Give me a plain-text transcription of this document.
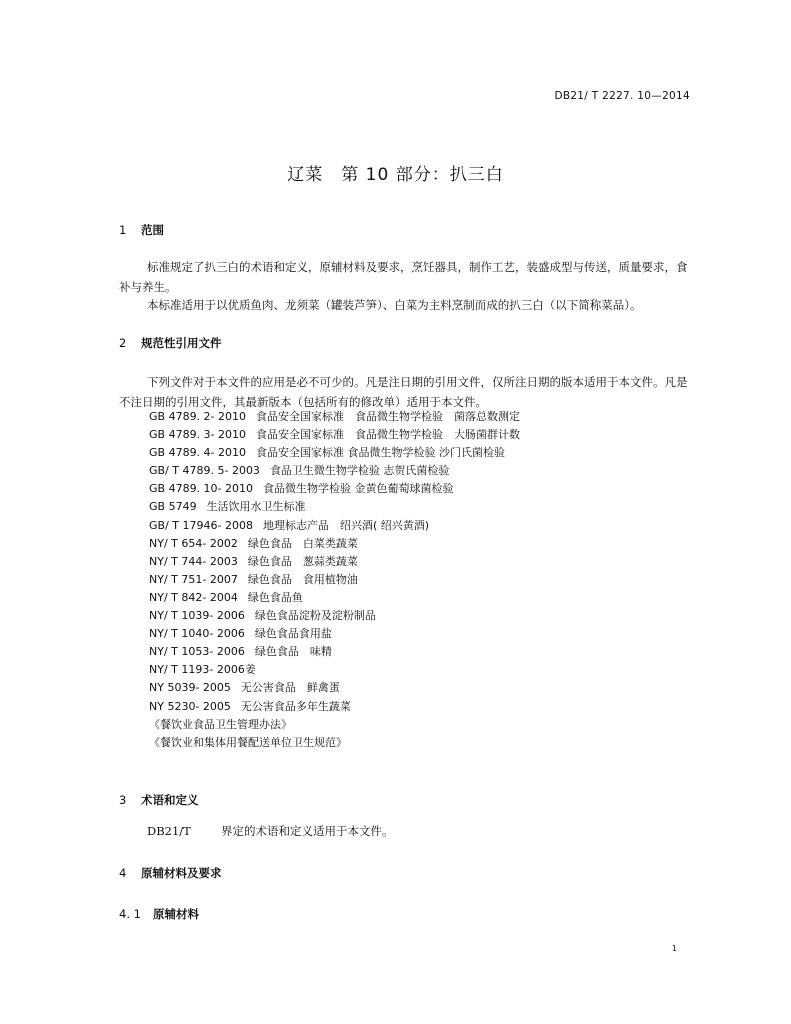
DB21/ T 2227. 10—2014
辽菜　第 10 部分：扒三白
1 范围
标准规定了扒三白的术语和定义，原辅材料及要求，烹饪器具，制作工艺，装盛成型与传送，质量要求，食补与养生。
本标准适用于以优质鱼肉、龙须菜（罐装芦笋）、白菜为主料烹制而成的扒三白（以下简称菜品）。
2 规范性引用文件
下列文件对于本文件的应用是必不可少的。凡是注日期的引用文件，仅所注日期的版本适用于本文件。凡是不注日期的引用文件，其最新版本（包括所有的修改单）适用于本文件。
GB 4789. 2- 2010 食品安全国家标准　食品微生物学检验　菌落总数测定
GB 4789. 3- 2010 食品安全国家标准　食品微生物学检验　大肠菌群计数
GB 4789. 4- 2010 食品安全国家标准 食品微生物学检验 沙门氏菌检验
GB/ T 4789. 5- 2003 食品卫生微生物学检验 志贺氏菌检验
GB 4789. 10- 2010 食品微生物学检验 金黄色葡萄球菌检验
GB 5749 生活饮用水卫生标准
GB/ T 17946- 2008 地理标志产品　绍兴酒( 绍兴黄酒)
NY/ T 654- 2002 绿色食品　白菜类蔬菜
NY/ T 744- 2003 绿色食品　葱蒜类蔬菜
NY/ T 751- 2007 绿色食品　食用植物油
NY/ T 842- 2004 绿色食品鱼
NY/ T 1039- 2006 绿色食品淀粉及淀粉制品
NY/ T 1040- 2006 绿色食品食用盐
NY/ T 1053- 2006 绿色食品　味精
NY/ T 1193- 2006姜
NY 5039- 2005 无公害食品　鲜禽蛋
NY 5230- 2005 无公害食品多年生蔬菜
《餐饮业食品卫生管理办法》
《餐饮业和集体用餐配送单位卫生规范》
3 术语和定义
DB21/T	界定的术语和定义适用于本文件。
4 原辅材料及要求
4. 1 原辅材料
1
